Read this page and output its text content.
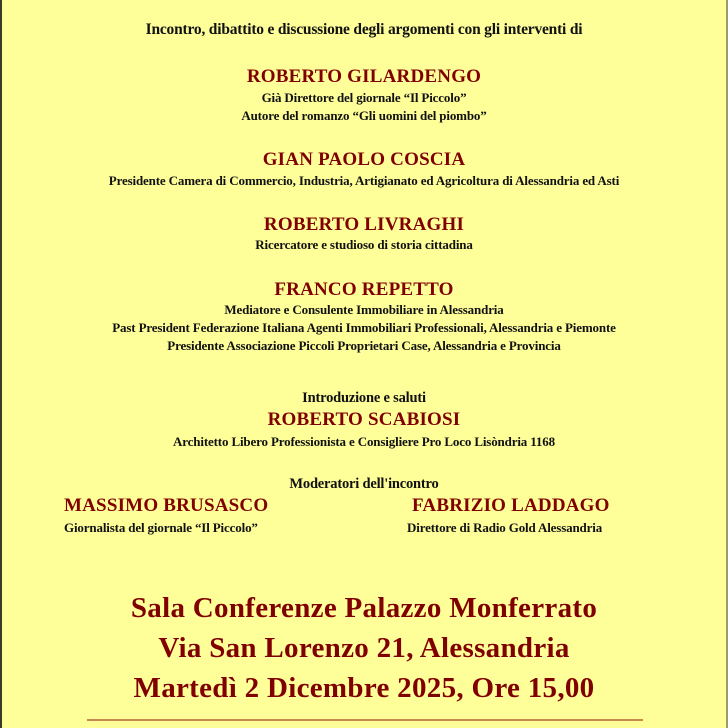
Incontro, dibattito e discussione degli argomenti con gli interventi di
ROBERTO GILARDENGO
Già Direttore del giornale “Il Piccolo”
Autore del romanzo “Gli uomini del piombo”
GIAN PAOLO COSCIA
Presidente Camera di Commercio, Industria, Artigianato ed Agricoltura di Alessandria ed Asti
ROBERTO LIVRAGHI
Ricercatore e studioso di storia cittadina
FRANCO REPETTO
Mediatore e Consulente Immobiliare in Alessandria
Past President Federazione Italiana Agenti Immobiliari Professionali, Alessandria e Piemonte
Presidente Associazione Piccoli Proprietari Case, Alessandria e Provincia
Introduzione e saluti
ROBERTO SCABIOSI
Architetto Libero Professionista e Consigliere Pro Loco Lisòndria 1168
Moderatori dell'incontro
MASSIMO BRUSASCO
Giornalista del giornale “Il Piccolo”
FABRIZIO LADDAGO
Direttore di Radio Gold Alessandria
Sala Conferenze Palazzo Monferrato
Via San Lorenzo 21, Alessandria
Martedì 2 Dicembre 2025, Ore 15,00
